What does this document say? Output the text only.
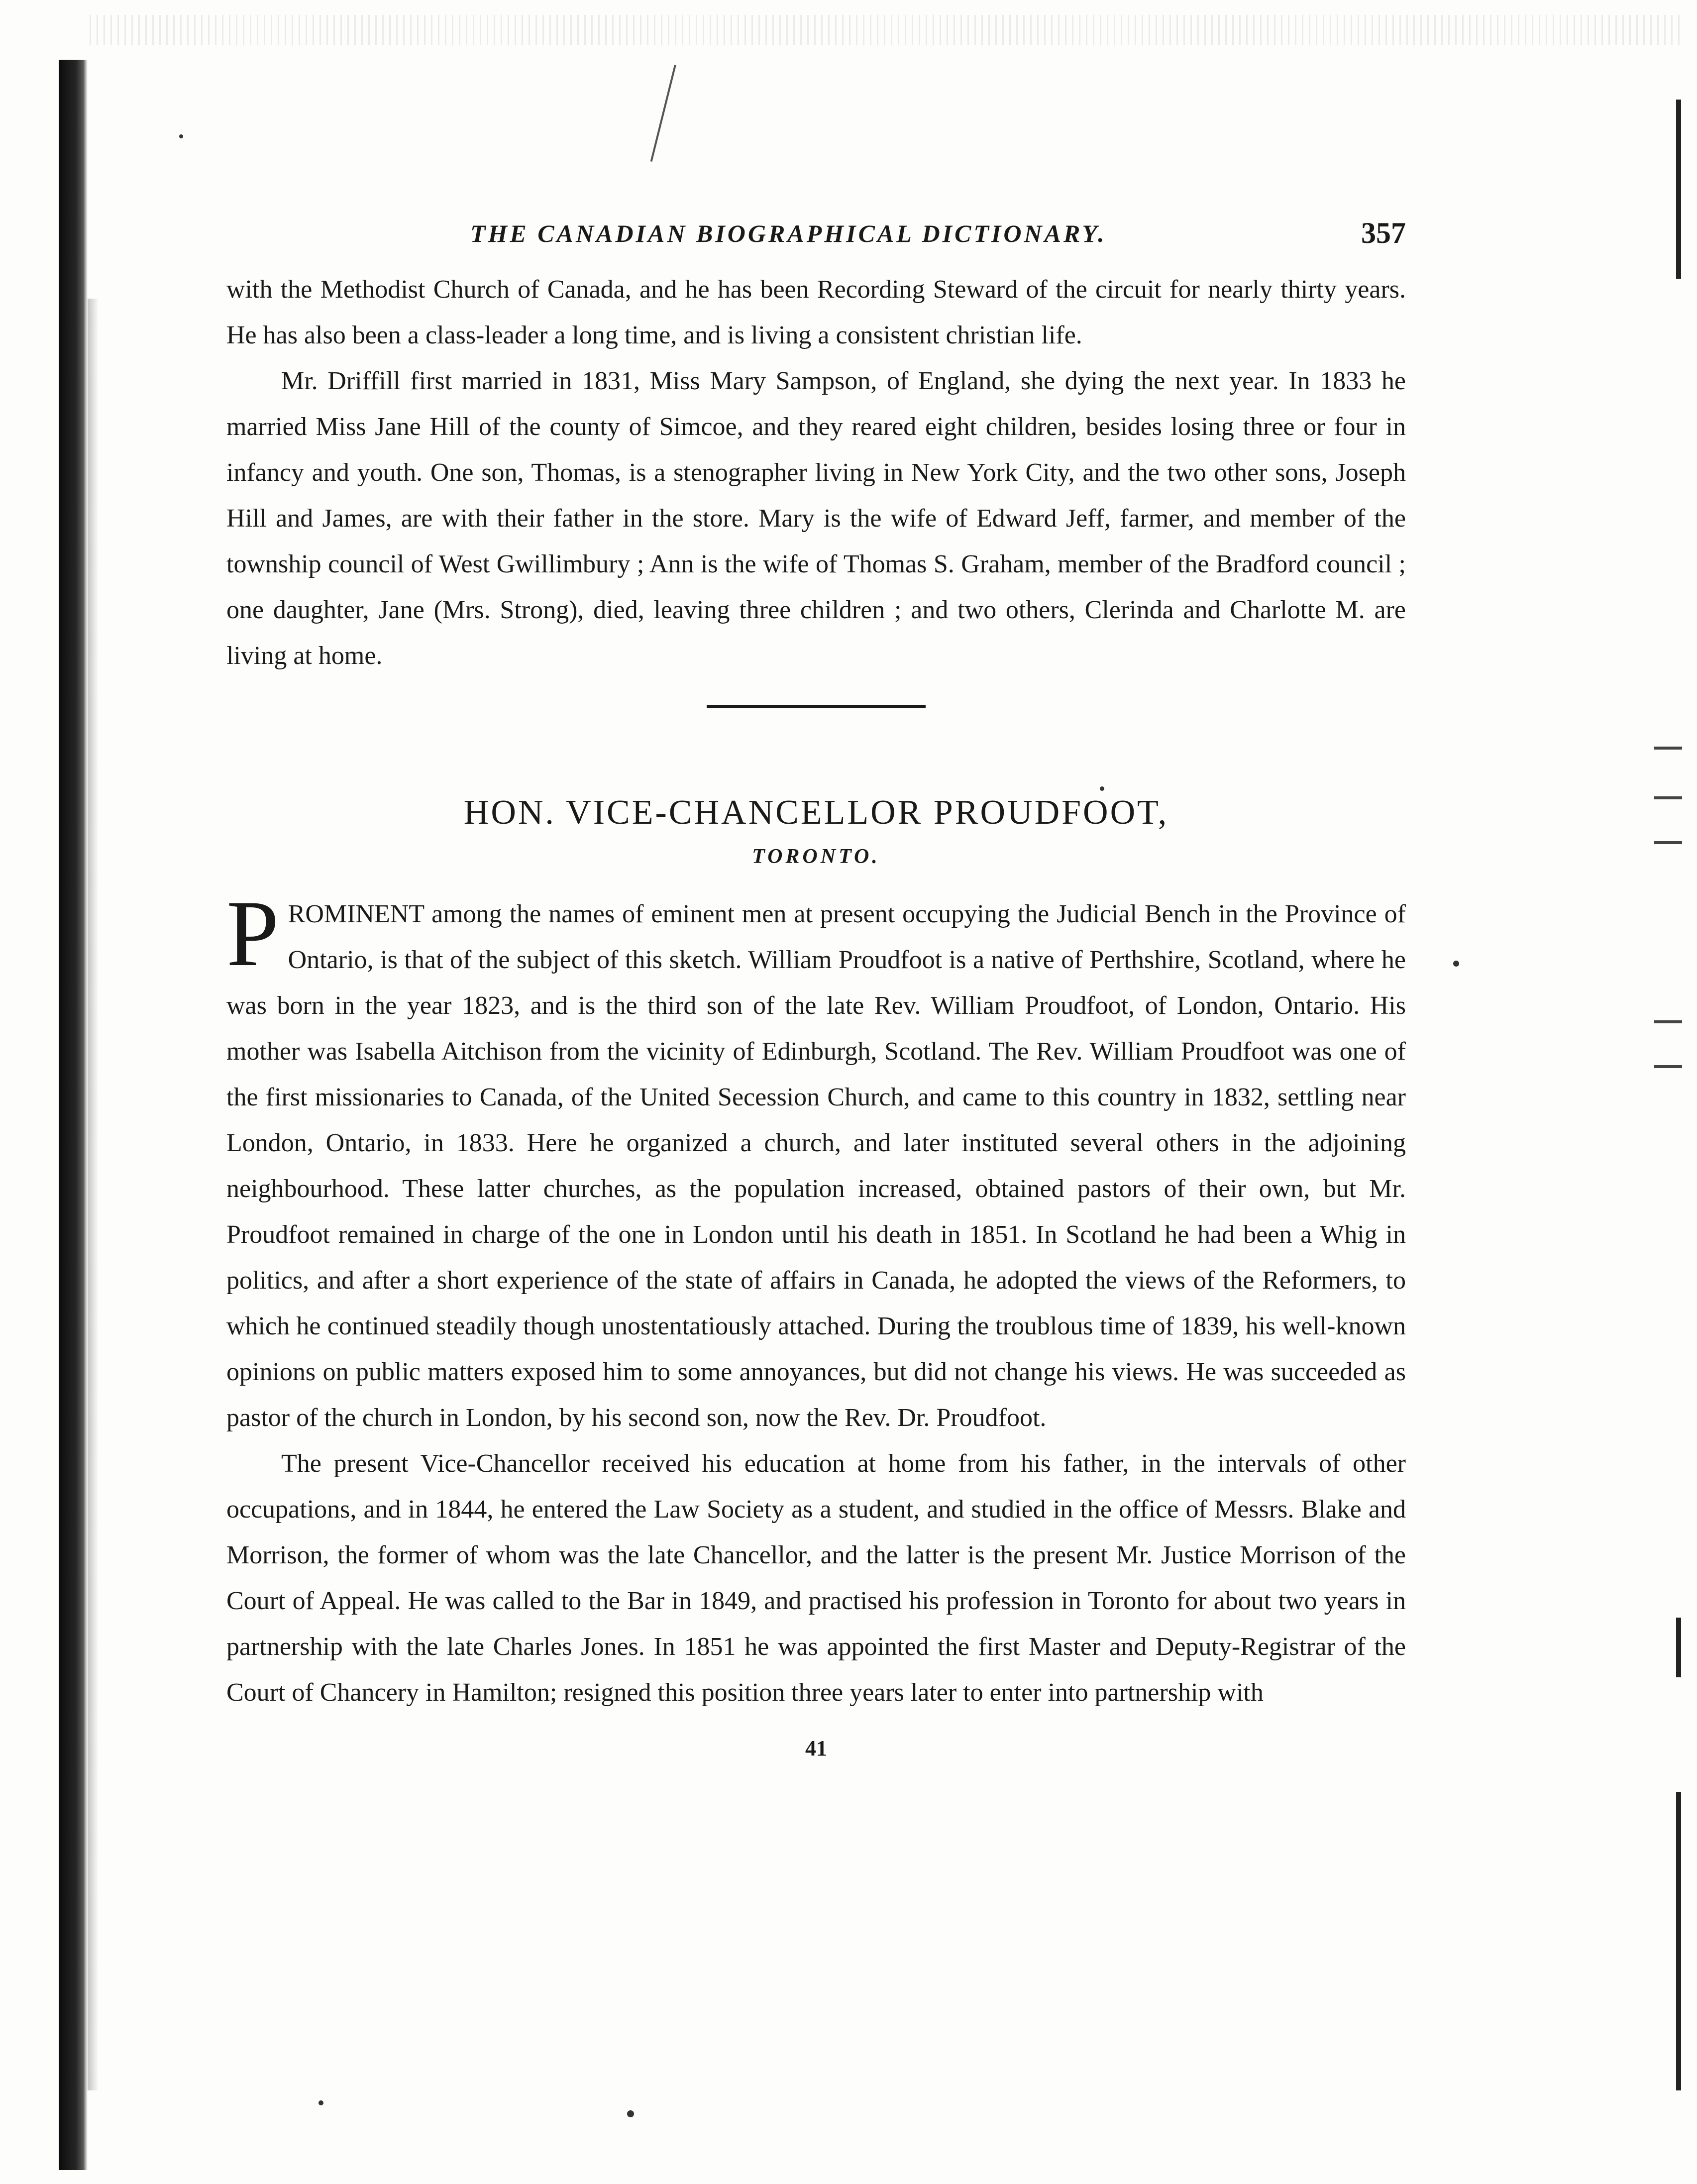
THE CANADIAN BIOGRAPHICAL DICTIONARY.	357

with the Methodist Church of Canada, and he has been Recording Steward of the circuit for nearly thirty years. He has also been a class-leader a long time, and is living a consistent christian life.

Mr. Driffill first married in 1831, Miss Mary Sampson, of England, she dying the next year. In 1833 he married Miss Jane Hill of the county of Simcoe, and they reared eight children, besides losing three or four in infancy and youth. One son, Thomas, is a stenographer living in New York City, and the two other sons, Joseph Hill and James, are with their father in the store. Mary is the wife of Edward Jeff, farmer, and member of the township council of West Gwillimbury ; Ann is the wife of Thomas S. Graham, member of the Bradford council ; one daughter, Jane (Mrs. Strong), died, leaving three children ; and two others, Clerinda and Charlotte M. are living at home.

HON. VICE-CHANCELLOR PROUDFOOT,
TORONTO.

PROMINENT among the names of eminent men at present occupying the Judicial Bench in the Province of Ontario, is that of the subject of this sketch. William Proudfoot is a native of Perthshire, Scotland, where he was born in the year 1823, and is the third son of the late Rev. William Proudfoot, of London, Ontario. His mother was Isabella Aitchison from the vicinity of Edinburgh, Scotland. The Rev. William Proudfoot was one of the first missionaries to Canada, of the United Secession Church, and came to this country in 1832, settling near London, Ontario, in 1833. Here he organized a church, and later instituted several others in the adjoining neighbourhood. These latter churches, as the population increased, obtained pastors of their own, but Mr. Proudfoot remained in charge of the one in London until his death in 1851. In Scotland he had been a Whig in politics, and after a short experience of the state of affairs in Canada, he adopted the views of the Reformers, to which he continued steadily though unostentatiously attached. During the troublous time of 1839, his well-known opinions on public matters exposed him to some annoyances, but did not change his views. He was succeeded as pastor of the church in London, by his second son, now the Rev. Dr. Proudfoot.

The present Vice-Chancellor received his education at home from his father, in the intervals of other occupations, and in 1844, he entered the Law Society as a student, and studied in the office of Messrs. Blake and Morrison, the former of whom was the late Chancellor, and the latter is the present Mr. Justice Morrison of the Court of Appeal. He was called to the Bar in 1849, and practised his profession in Toronto for about two years in partnership with the late Charles Jones. In 1851 he was appointed the first Master and Deputy-Registrar of the Court of Chancery in Hamilton; resigned this position three years later to enter into partnership with

41
